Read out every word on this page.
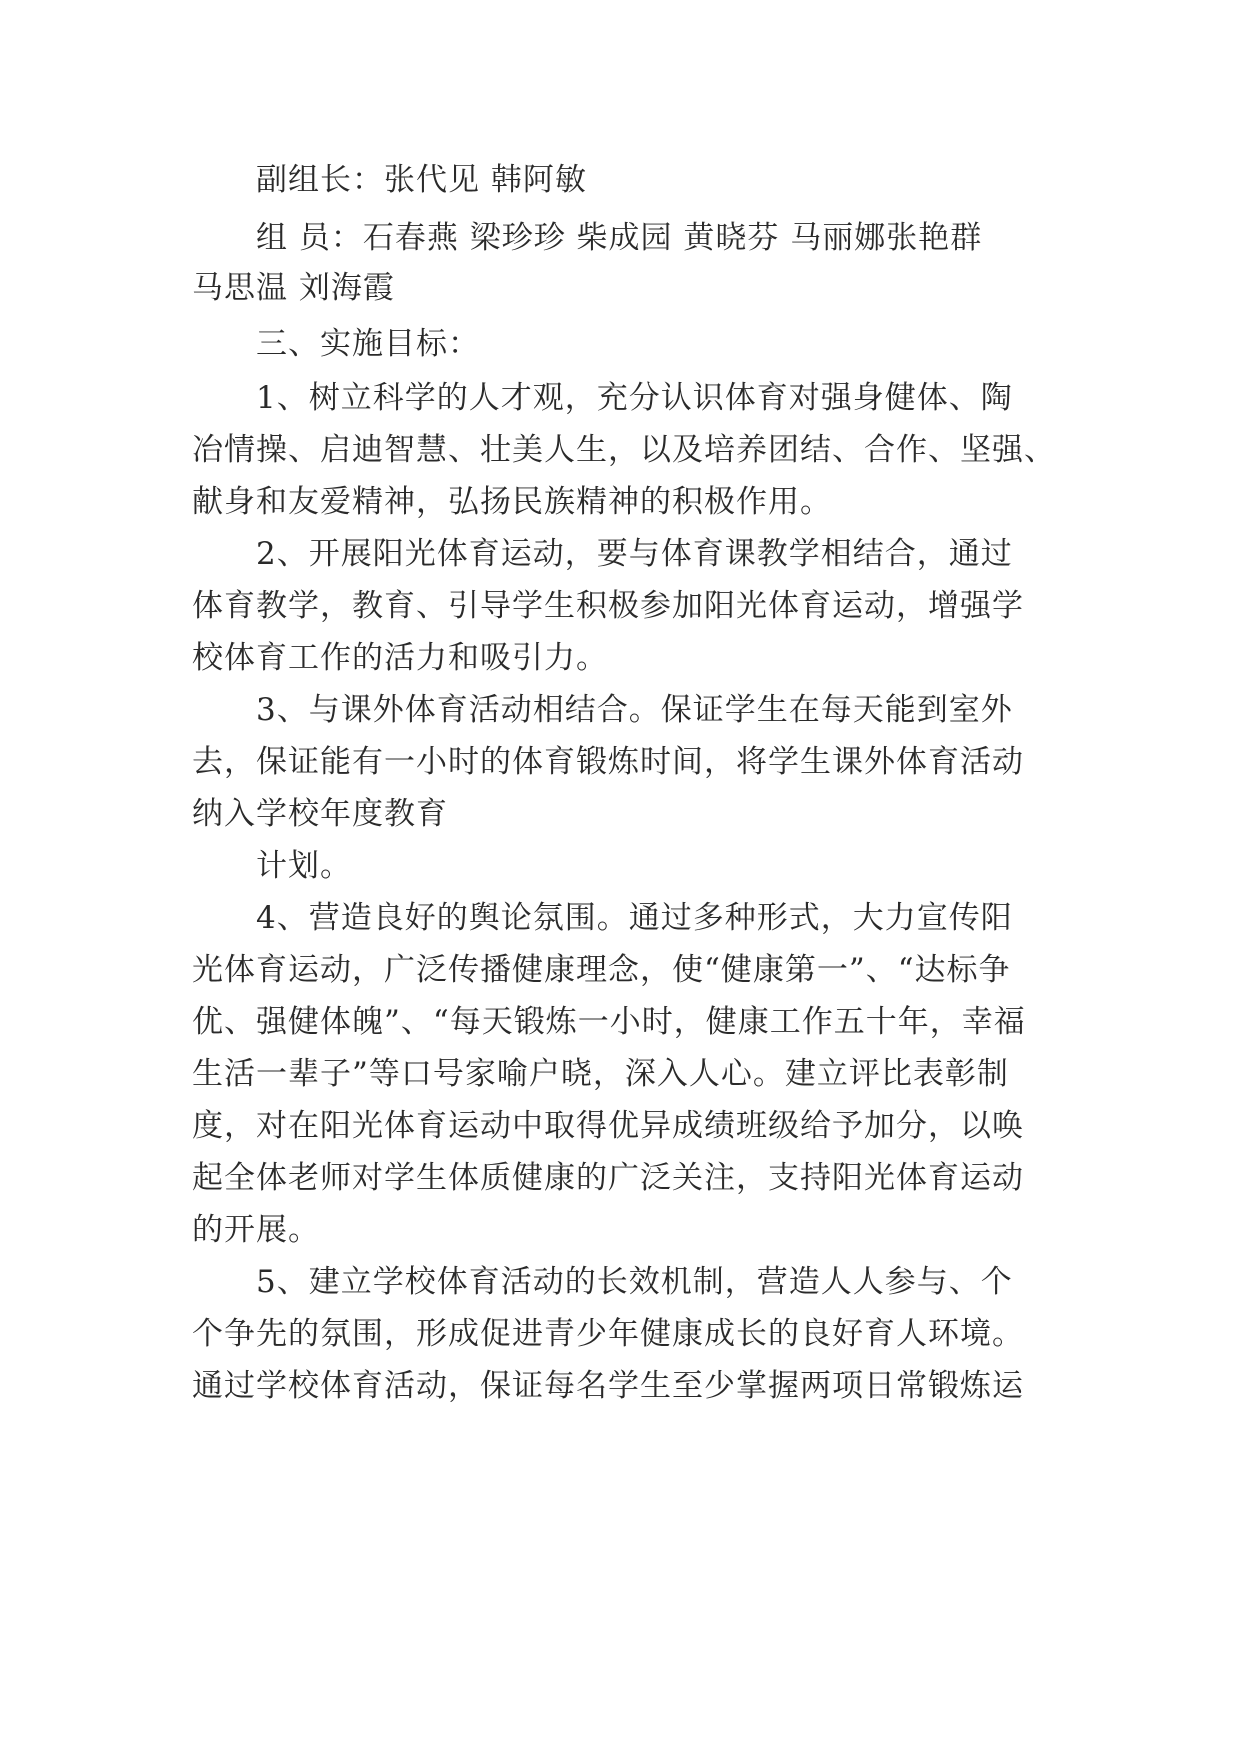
副组长：张代见 韩阿敏
组 员：石春燕 梁珍珍 柴成园 黄晓芬 马丽娜张艳群
马思温 刘海霞
三、实施目标：
1、树立科学的人才观，充分认识体育对强身健体、陶
冶情操、启迪智慧、壮美人生，以及培养团结、合作、坚强、
献身和友爱精神，弘扬民族精神的积极作用。
2、开展阳光体育运动，要与体育课教学相结合，通过
体育教学，教育、引导学生积极参加阳光体育运动，增强学
校体育工作的活力和吸引力。
3、与课外体育活动相结合。保证学生在每天能到室外
去，保证能有一小时的体育锻炼时间，将学生课外体育活动
纳入学校年度教育
计划。
4、营造良好的舆论氛围。通过多种形式，大力宣传阳
光体育运动，广泛传播健康理念，使“健康第一”、“达标争
优、强健体魄”、“每天锻炼一小时，健康工作五十年，幸福
生活一辈子”等口号家喻户晓，深入人心。建立评比表彰制
度，对在阳光体育运动中取得优异成绩班级给予加分，以唤
起全体老师对学生体质健康的广泛关注，支持阳光体育运动
的开展。
5、建立学校体育活动的长效机制，营造人人参与、个
个争先的氛围，形成促进青少年健康成长的良好育人环境。
通过学校体育活动，保证每名学生至少掌握两项日常锻炼运
